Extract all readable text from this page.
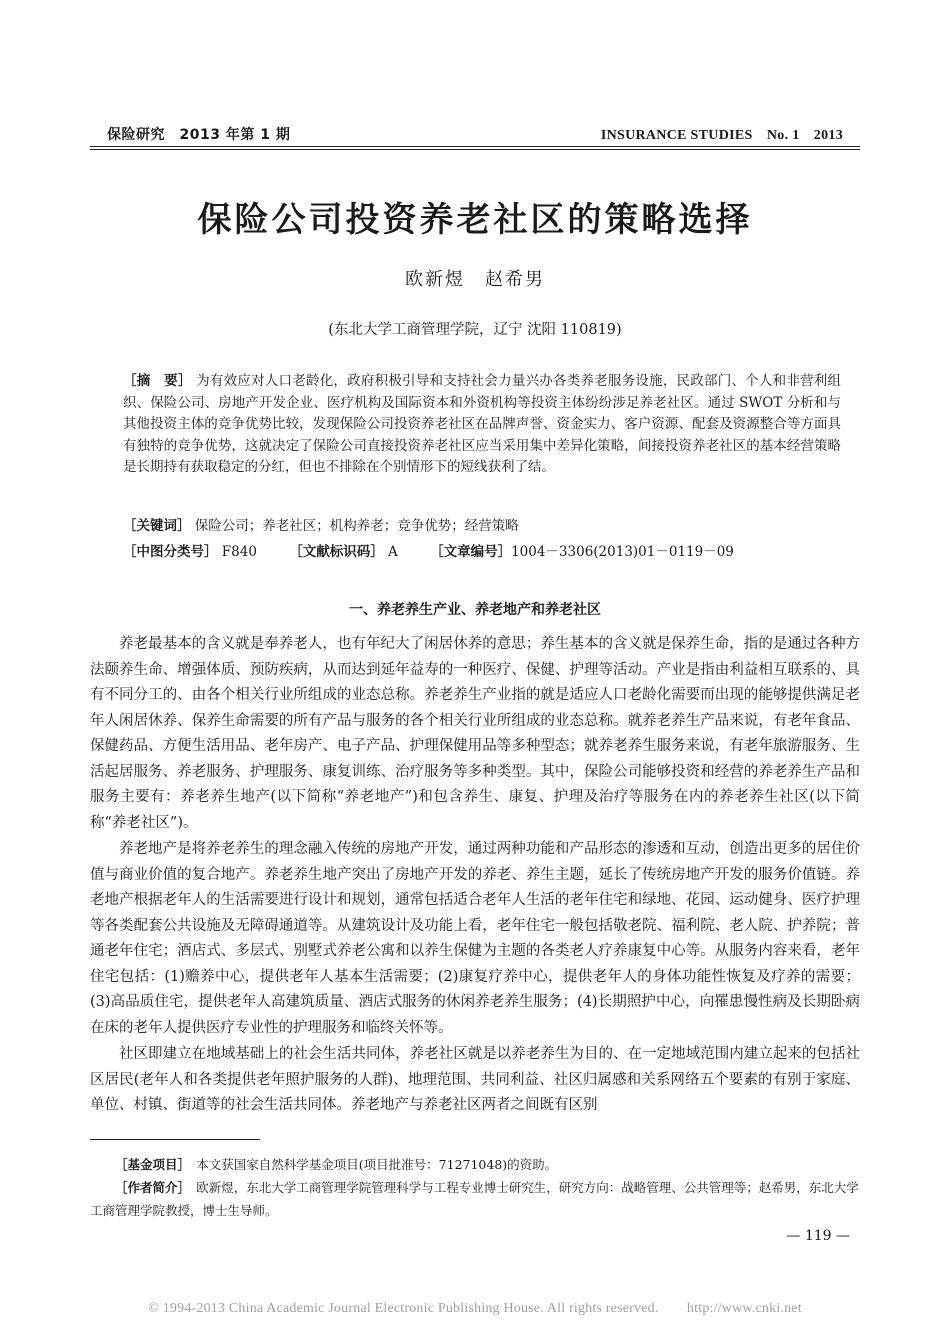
保险研究　2013 年第 1 期	INSURANCE STUDIES　No. 1　2013
保险公司投资养老社区的策略选择
欧新煜　赵希男
(东北大学工商管理学院，辽宁 沈阳 110819)
［摘　要］ 为有效应对人口老龄化，政府积极引导和支持社会力量兴办各类养老服务设施，民政部门、个人和非营利组织、保险公司、房地产开发企业、医疗机构及国际资本和外资机构等投资主体纷纷涉足养老社区。通过 SWOT 分析和与其他投资主体的竞争优势比较，发现保险公司投资养老社区在品牌声誉、资金实力、客户资源、配套及资源整合等方面具有独特的竞争优势，这就决定了保险公司直接投资养老社区应当采用集中差异化策略，间接投资养老社区的基本经营策略是长期持有获取稳定的分红，但也不排除在个别情形下的短线获利了结。
［关键词］ 保险公司；养老社区；机构养老；竞争优势；经营策略
［中图分类号］ F840 ［文献标识码］ A ［文章编号］1004－3306(2013)01－0119－09
一、养老养生产业、养老地产和养老社区

养老最基本的含义就是奉养老人，也有年纪大了闲居休养的意思；养生基本的含义就是保养生命，指的是通过各种方法颐养生命、增强体质、预防疾病，从而达到延年益寿的一种医疗、保健、护理等活动。产业是指由利益相互联系的、具有不同分工的、由各个相关行业所组成的业态总称。养老养生产业指的就是适应人口老龄化需要而出现的能够提供满足老年人闲居休养、保养生命需要的所有产品与服务的各个相关行业所组成的业态总称。就养老养生产品来说，有老年食品、保健药品、方便生活用品、老年房产、电子产品、护理保健用品等多种型态；就养老养生服务来说，有老年旅游服务、生活起居服务、养老服务、护理服务、康复训练、治疗服务等多种类型。其中，保险公司能够投资和经营的养老养生产品和服务主要有：养老养生地产(以下简称“养老地产”)和包含养生、康复、护理及治疗等服务在内的养老养生社区(以下简称“养老社区”)。

养老地产是将养老养生的理念融入传统的房地产开发，通过两种功能和产品形态的渗透和互动，创造出更多的居住价值与商业价值的复合地产。养老养生地产突出了房地产开发的养老、养生主题，延长了传统房地产开发的服务价值链。养老地产根据老年人的生活需要进行设计和规划，通常包括适合老年人生活的老年住宅和绿地、花园、运动健身、医疗护理等各类配套公共设施及无障碍通道等。从建筑设计及功能上看，老年住宅一般包括敬老院、福利院、老人院、护养院；普通老年住宅；酒店式、多层式、别墅式养老公寓和以养生保健为主题的各类老人疗养康复中心等。从服务内容来看，老年住宅包括：(1)赡养中心，提供老年人基本生活需要；(2)康复疗养中心，提供老年人的身体功能性恢复及疗养的需要；(3)高品质住宅，提供老年人高建筑质量、酒店式服务的休闲养老养生服务；(4)长期照护中心，向罹患慢性病及长期卧病在床的老年人提供医疗专业性的护理服务和临终关怀等。

社区即建立在地域基础上的社会生活共同体，养老社区就是以养老养生为目的、在一定地域范围内建立起来的包括社区居民(老年人和各类提供老年照护服务的人群)、地理范围、共同利益、社区归属感和关系网络五个要素的有别于家庭、单位、村镇、街道等的社会生活共同体。养老地产与养老社区两者之间既有区别

［基金项目］　 本文获国家自然科学基金项目(项目批准号：71271048)的资助。

［作者简介］　 欧新煜，东北大学工商管理学院管理科学与工程专业博士研究生，研究方向：战略管理、公共管理等；赵希男，东北大学工商管理学院教授，博士生导师。

— 119 —
© 1994-2013 China Academic Journal Electronic Publishing House. All rights reserved.　　http://www.cnki.net
